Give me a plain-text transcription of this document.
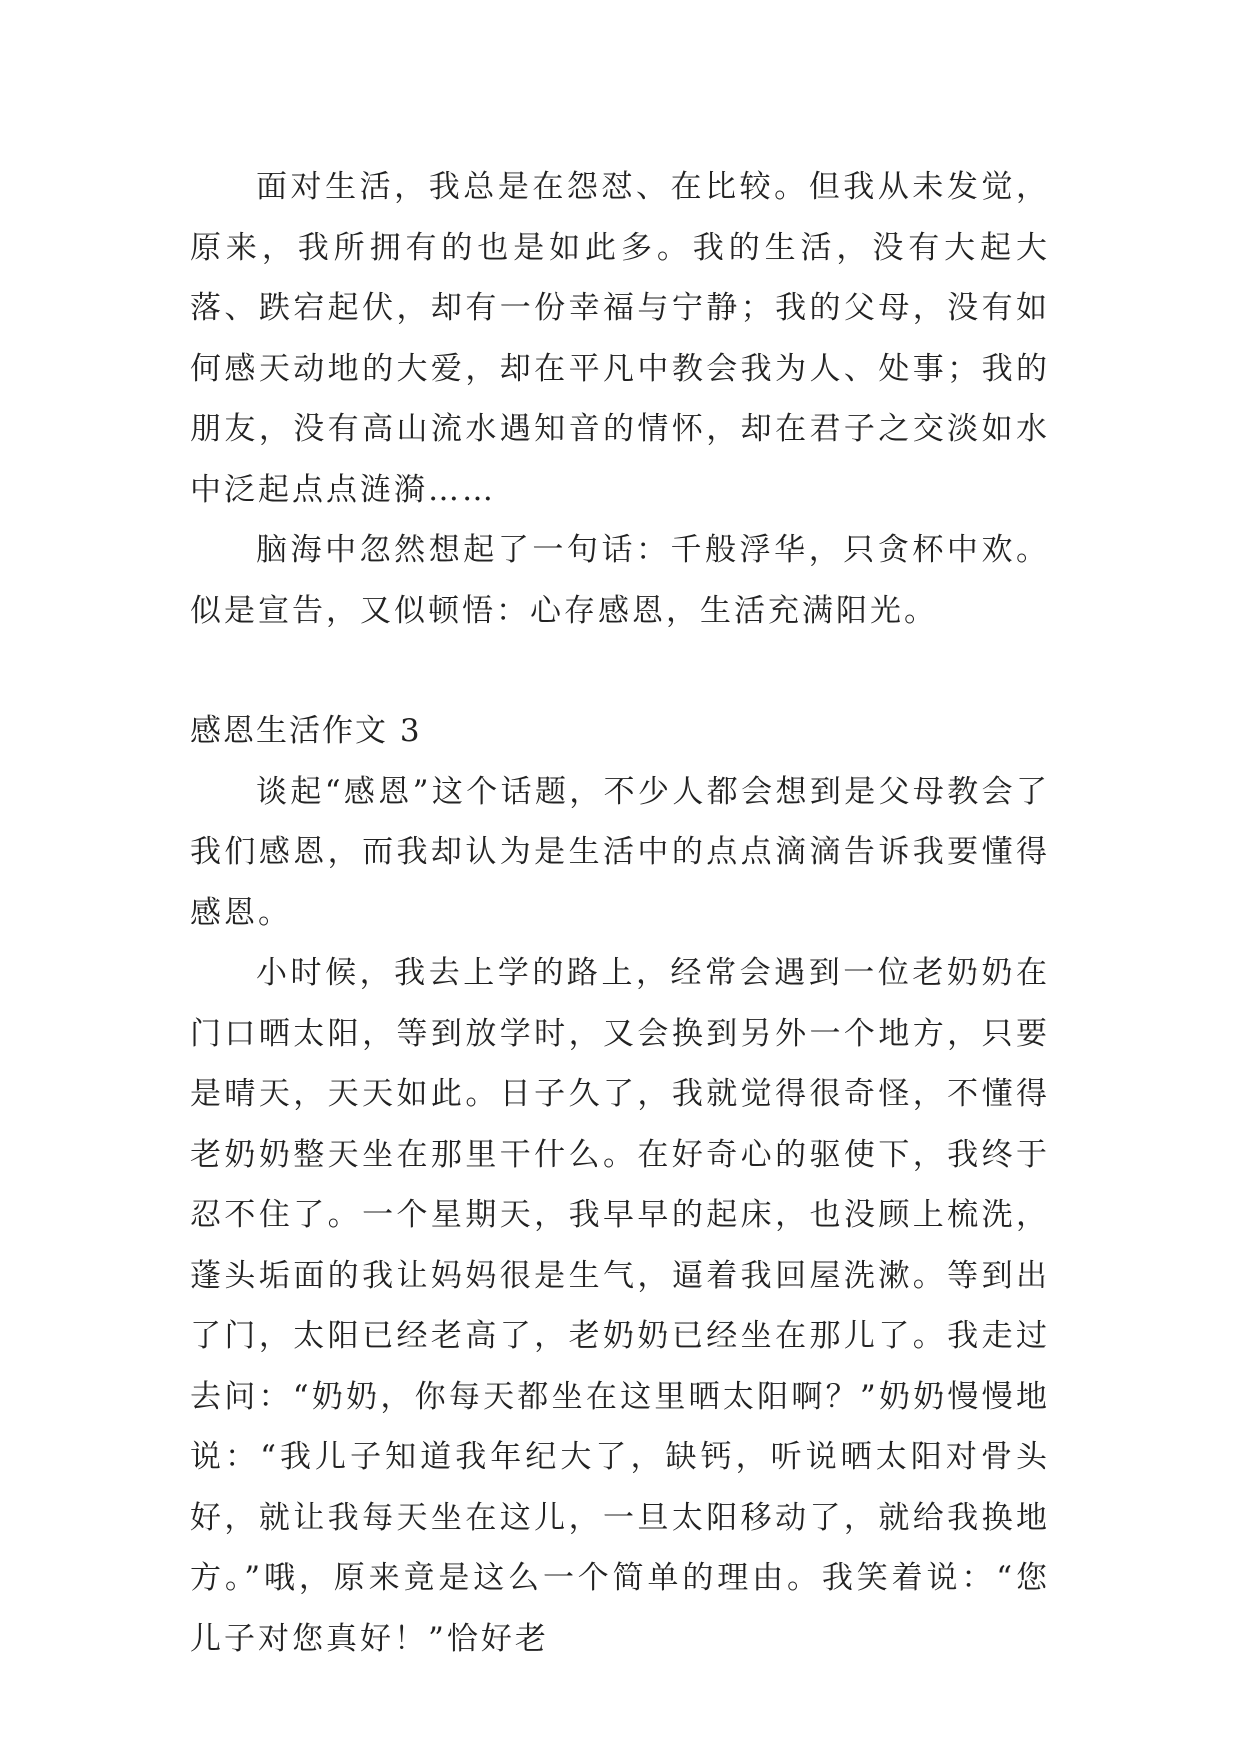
面对生活，我总是在怨怼、在比较。但我从未发觉，原来，我所拥有的也是如此多。我的生活，没有大起大落、跌宕起伏，却有一份幸福与宁静；我的父母，没有如何感天动地的大爱，却在平凡中教会我为人、处事；我的朋友，没有高山流水遇知音的情怀，却在君子之交淡如水中泛起点点涟漪……

脑海中忽然想起了一句话：千般浮华，只贪杯中欢。似是宣告，又似顿悟：心存感恩，生活充满阳光。

感恩生活作文 3

谈起“感恩”这个话题，不少人都会想到是父母教会了我们感恩，而我却认为是生活中的点点滴滴告诉我要懂得感恩。

小时候，我去上学的路上，经常会遇到一位老奶奶在门口晒太阳，等到放学时，又会换到另外一个地方，只要是晴天，天天如此。日子久了，我就觉得很奇怪，不懂得老奶奶整天坐在那里干什么。在好奇心的驱使下，我终于忍不住了。一个星期天，我早早的起床，也没顾上梳洗，蓬头垢面的我让妈妈很是生气，逼着我回屋洗漱。等到出了门，太阳已经老高了，老奶奶已经坐在那儿了。我走过去问：“奶奶，你每天都坐在这里晒太阳啊？”奶奶慢慢地说：“我儿子知道我年纪大了，缺钙，听说晒太阳对骨头好，就让我每天坐在这儿，一旦太阳移动了，就给我换地方。”哦，原来竟是这么一个简单的理由。我笑着说：“您儿子对您真好！”恰好老
